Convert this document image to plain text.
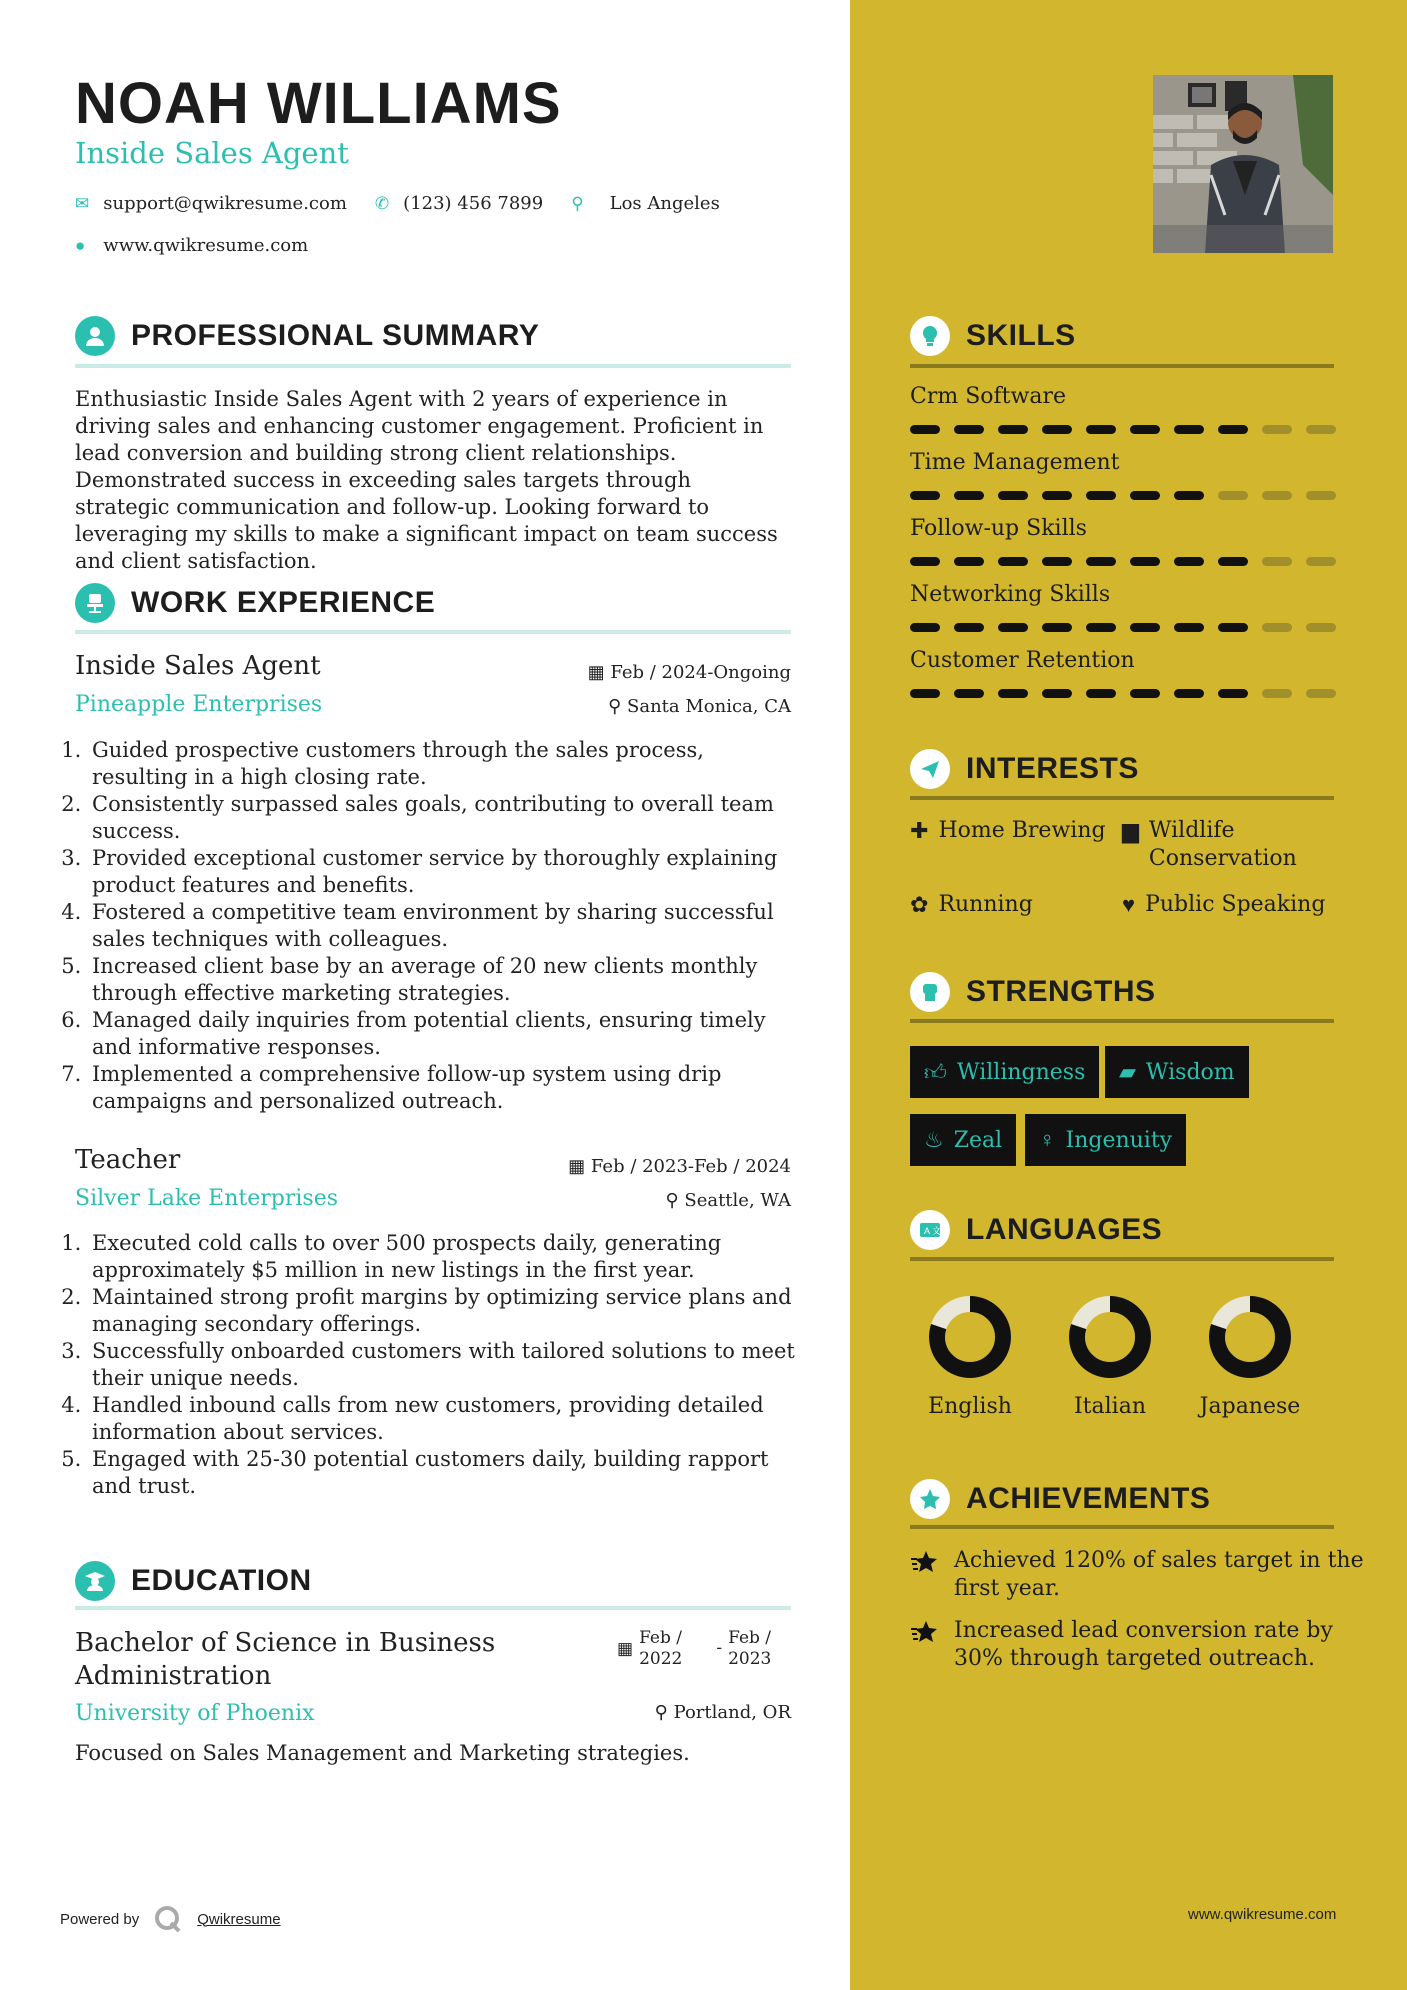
NOAH WILLIAMS
Inside Sales Agent
✉ support@qwikresume.com ✆ (123) 456 7899 ⚲ Los Angeles
● www.qwikresume.com
PROFESSIONAL SUMMARY
Enthusiastic Inside Sales Agent with 2 years of experience in driving sales and enhancing customer engagement. Proficient in lead conversion and building strong client relationships. Demonstrated success in exceeding sales targets through strategic communication and follow-up. Looking forward to leveraging my skills to make a significant impact on team success and client satisfaction.
WORK EXPERIENCE
Inside Sales Agent	▦ Feb / 2024-Ongoing
Pineapple Enterprises	⚲ Santa Monica, CA
1. Guided prospective customers through the sales process, resulting in a high closing rate.
2. Consistently surpassed sales goals, contributing to overall team success.
3. Provided exceptional customer service by thoroughly explaining product features and benefits.
4. Fostered a competitive team environment by sharing successful sales techniques with colleagues.
5. Increased client base by an average of 20 new clients monthly through effective marketing strategies.
6. Managed daily inquiries from potential clients, ensuring timely and informative responses.
7. Implemented a comprehensive follow-up system using drip campaigns and personalized outreach.
Teacher	▦ Feb / 2023-Feb / 2024
Silver Lake Enterprises	⚲ Seattle, WA
1. Executed cold calls to over 500 prospects daily, generating approximately $5 million in new listings in the first year.
2. Maintained strong profit margins by optimizing service plans and managing secondary offerings.
3. Successfully onboarded customers with tailored solutions to meet their unique needs.
4. Handled inbound calls from new customers, providing detailed information about services.
5. Engaged with 25-30 potential customers daily, building rapport and trust.
EDUCATION
Bachelor of Science in Business
Administration
▦
Feb /
2022
- Feb /
2023
University of Phoenix	⚲ Portland, OR
Focused on Sales Management and Marketing strategies.
Powered by	Qwikresume
SKILLS
Crm Software
Time Management
Follow-up Skills
Networking Skills
Customer Retention
INTERESTS
✚ Home Brewing ▆ Wildlife
Conservation
✿ Running	♥ Public Speaking
STRENGTHS
👍︎ Willingness ▰ Wisdom
♨ Zeal ♀ Ingenuity
A 文 LANGUAGES
English	Italian	Japanese
ACHIEVEMENTS
Achieved 120% of sales target in the
first year.
Increased lead conversion rate by
30% through targeted outreach.
www.qwikresume.com
